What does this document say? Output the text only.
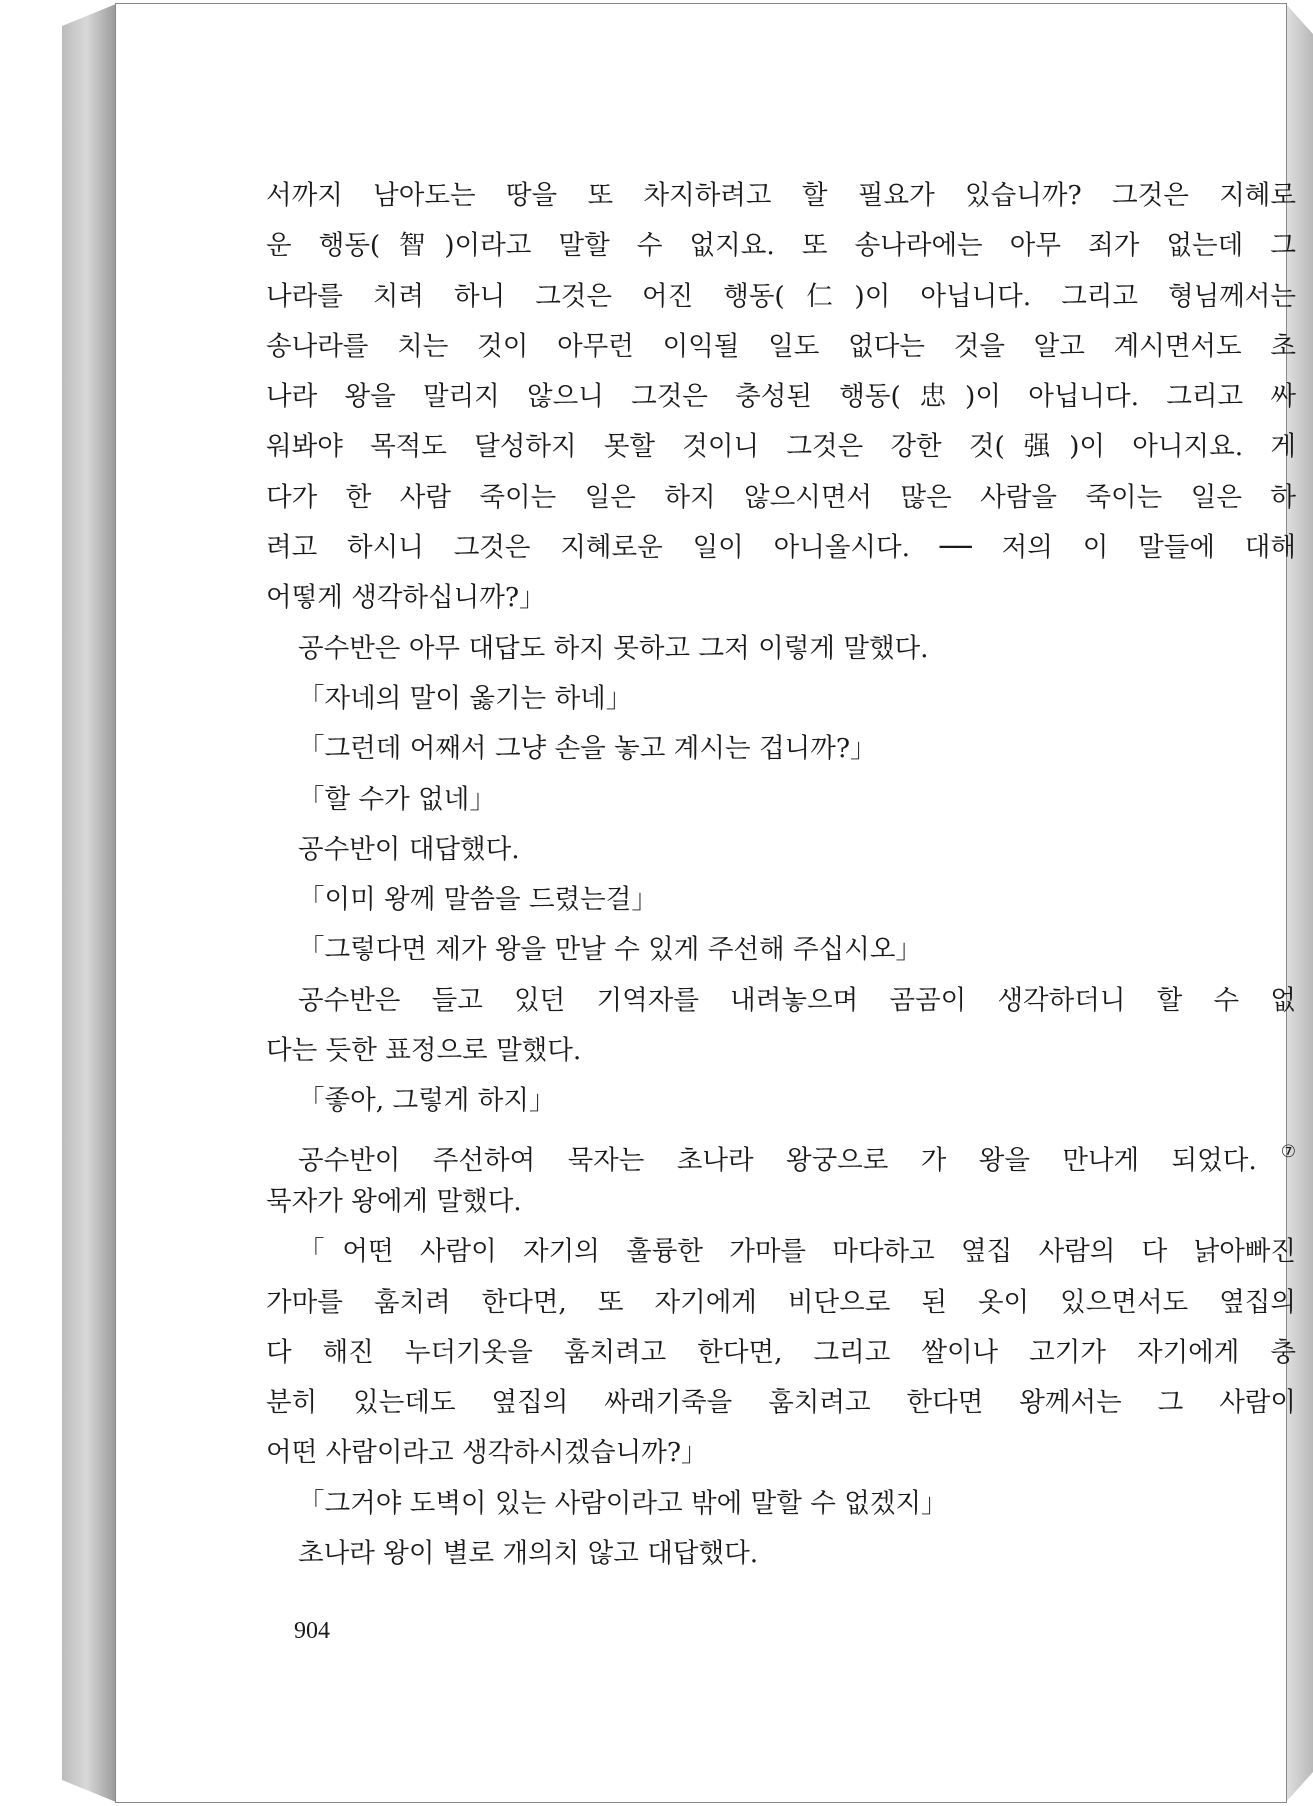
서까지 남아도는 땅을 또 차지하려고 할 필요가 있습니까? 그것은 지혜로
운 행동(智)이라고 말할 수 없지요. 또 송나라에는 아무 죄가 없는데 그
나라를 치려 하니 그것은 어진 행동(仁)이 아닙니다. 그리고 형님께서는
송나라를 치는 것이 아무런 이익될 일도 없다는 것을 알고 계시면서도 초
나라 왕을 말리지 않으니 그것은 충성된 행동(忠)이 아닙니다. 그리고 싸
워봐야 목적도 달성하지 못할 것이니 그것은 강한 것(强)이 아니지요. 게
다가 한 사람 죽이는 일은 하지 않으시면서 많은 사람을 죽이는 일은 하
려고 하시니 그것은 지혜로운 일이 아니올시다. ── 저의 이 말들에 대해
어떻게 생각하십니까?」
공수반은 아무 대답도 하지 못하고 그저 이렇게 말했다.
「자네의 말이 옳기는 하네」
「그런데 어째서 그냥 손을 놓고 계시는 겁니까?」
「할 수가 없네」
공수반이 대답했다.
「이미 왕께 말씀을 드렸는걸」
「그렇다면 제가 왕을 만날 수 있게 주선해 주십시오」
공수반은 들고 있던 기역자를 내려놓으며 곰곰이 생각하더니 할 수 없
다는 듯한 표정으로 말했다.
「좋아, 그렇게 하지」
공수반이 주선하여 묵자는 초나라 왕궁으로 가 왕을 만나게 되었다.⑦
묵자가 왕에게 말했다.
「어떤 사람이 자기의 훌륭한 가마를 마다하고 옆집 사람의 다 낡아빠진
가마를 훔치려 한다면, 또 자기에게 비단으로 된 옷이 있으면서도 옆집의
다 해진 누더기옷을 훔치려고 한다면, 그리고 쌀이나 고기가 자기에게 충
분히 있는데도 옆집의 싸래기죽을 훔치려고 한다면 왕께서는 그 사람이
어떤 사람이라고 생각하시겠습니까?」
「그거야 도벽이 있는 사람이라고 밖에 말할 수 없겠지」
초나라 왕이 별로 개의치 않고 대답했다.
904
